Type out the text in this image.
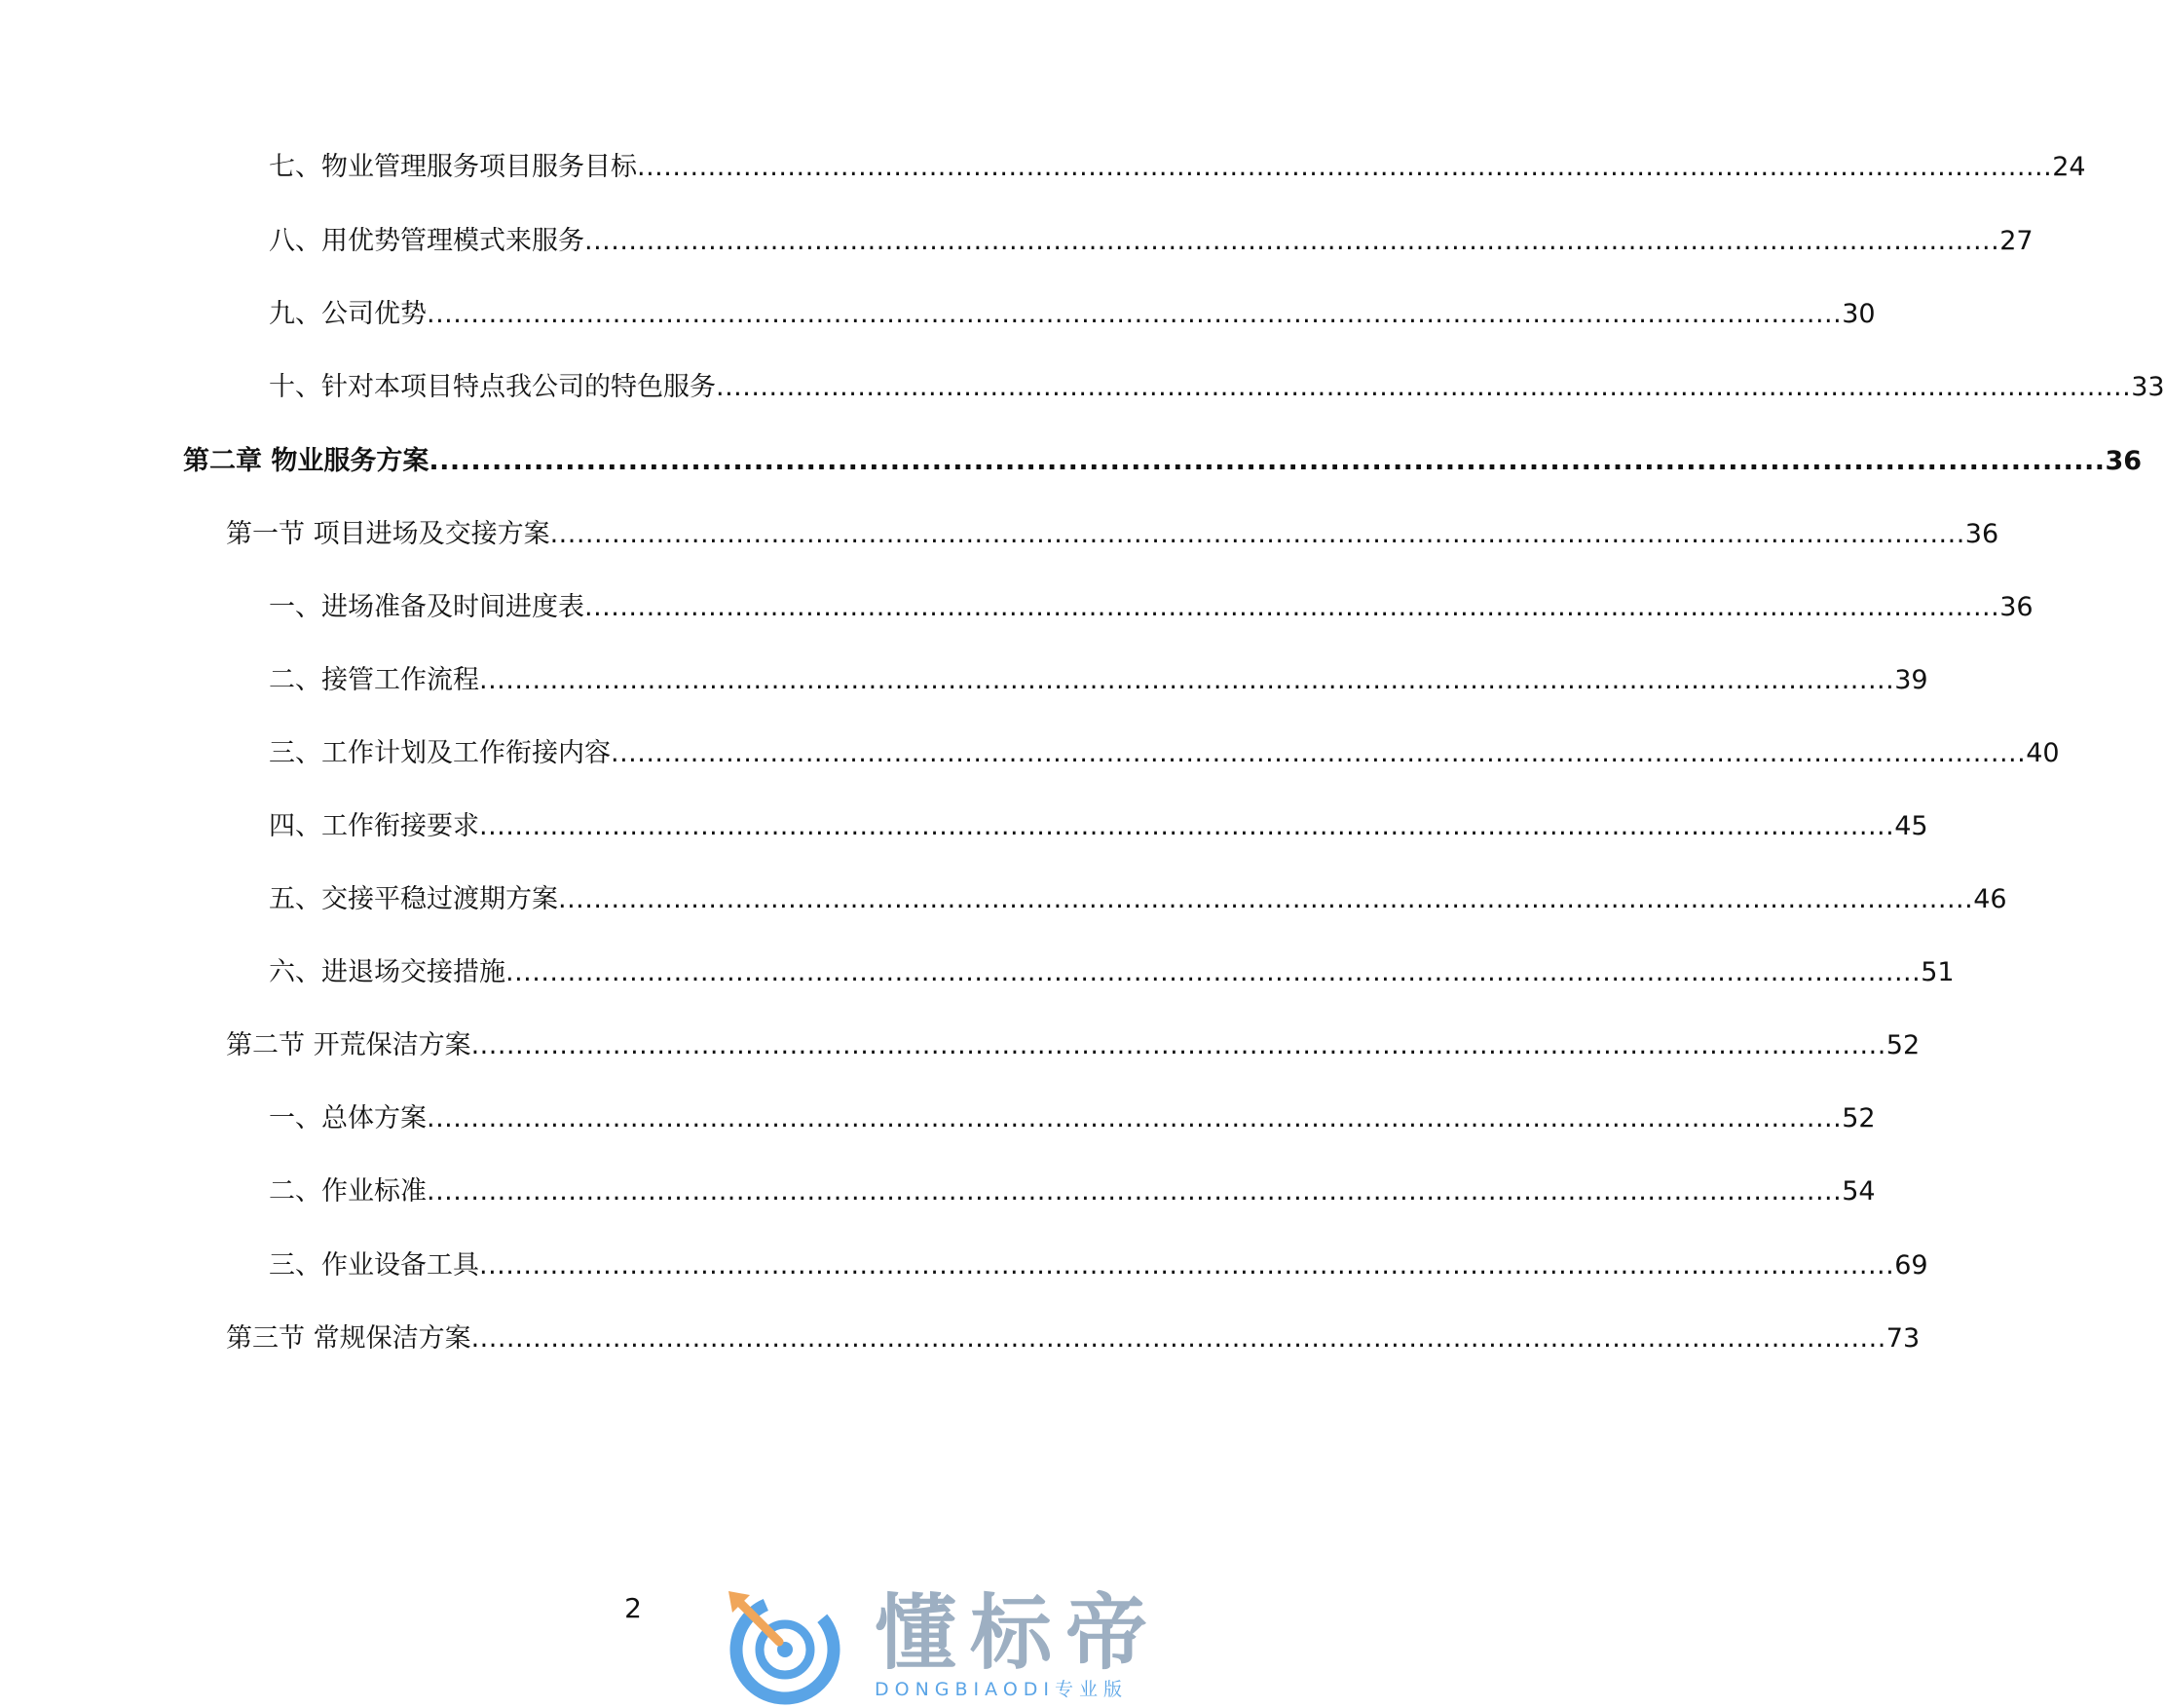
七、物业管理服务项目服务目标 ................................................................................................................................................................ 24
八、用优势管理模式来服务 ................................................................................................................................................................ 27
九、公司优势 ................................................................................................................................................................ 30
十、针对本项目特点我公司的特色服务 ................................................................................................................................................................ 33
第二章 物业服务方案 ................................................................................................................................................................ 36
第一节 项目进场及交接方案 ................................................................................................................................................................ 36
一、进场准备及时间进度表 ................................................................................................................................................................ 36
二、接管工作流程 ................................................................................................................................................................ 39
三、工作计划及工作衔接内容 ................................................................................................................................................................ 40
四、工作衔接要求 ................................................................................................................................................................ 45
五、交接平稳过渡期方案 ................................................................................................................................................................ 46
六、进退场交接措施 ................................................................................................................................................................ 51
第二节 开荒保洁方案 ................................................................................................................................................................ 52
一、总体方案 ................................................................................................................................................................ 52
二、作业标准 ................................................................................................................................................................ 54
三、作业设备工具 ................................................................................................................................................................ 69
第三节 常规保洁方案 ................................................................................................................................................................ 73
2	懂标帝
DONGBIAODI专业版
